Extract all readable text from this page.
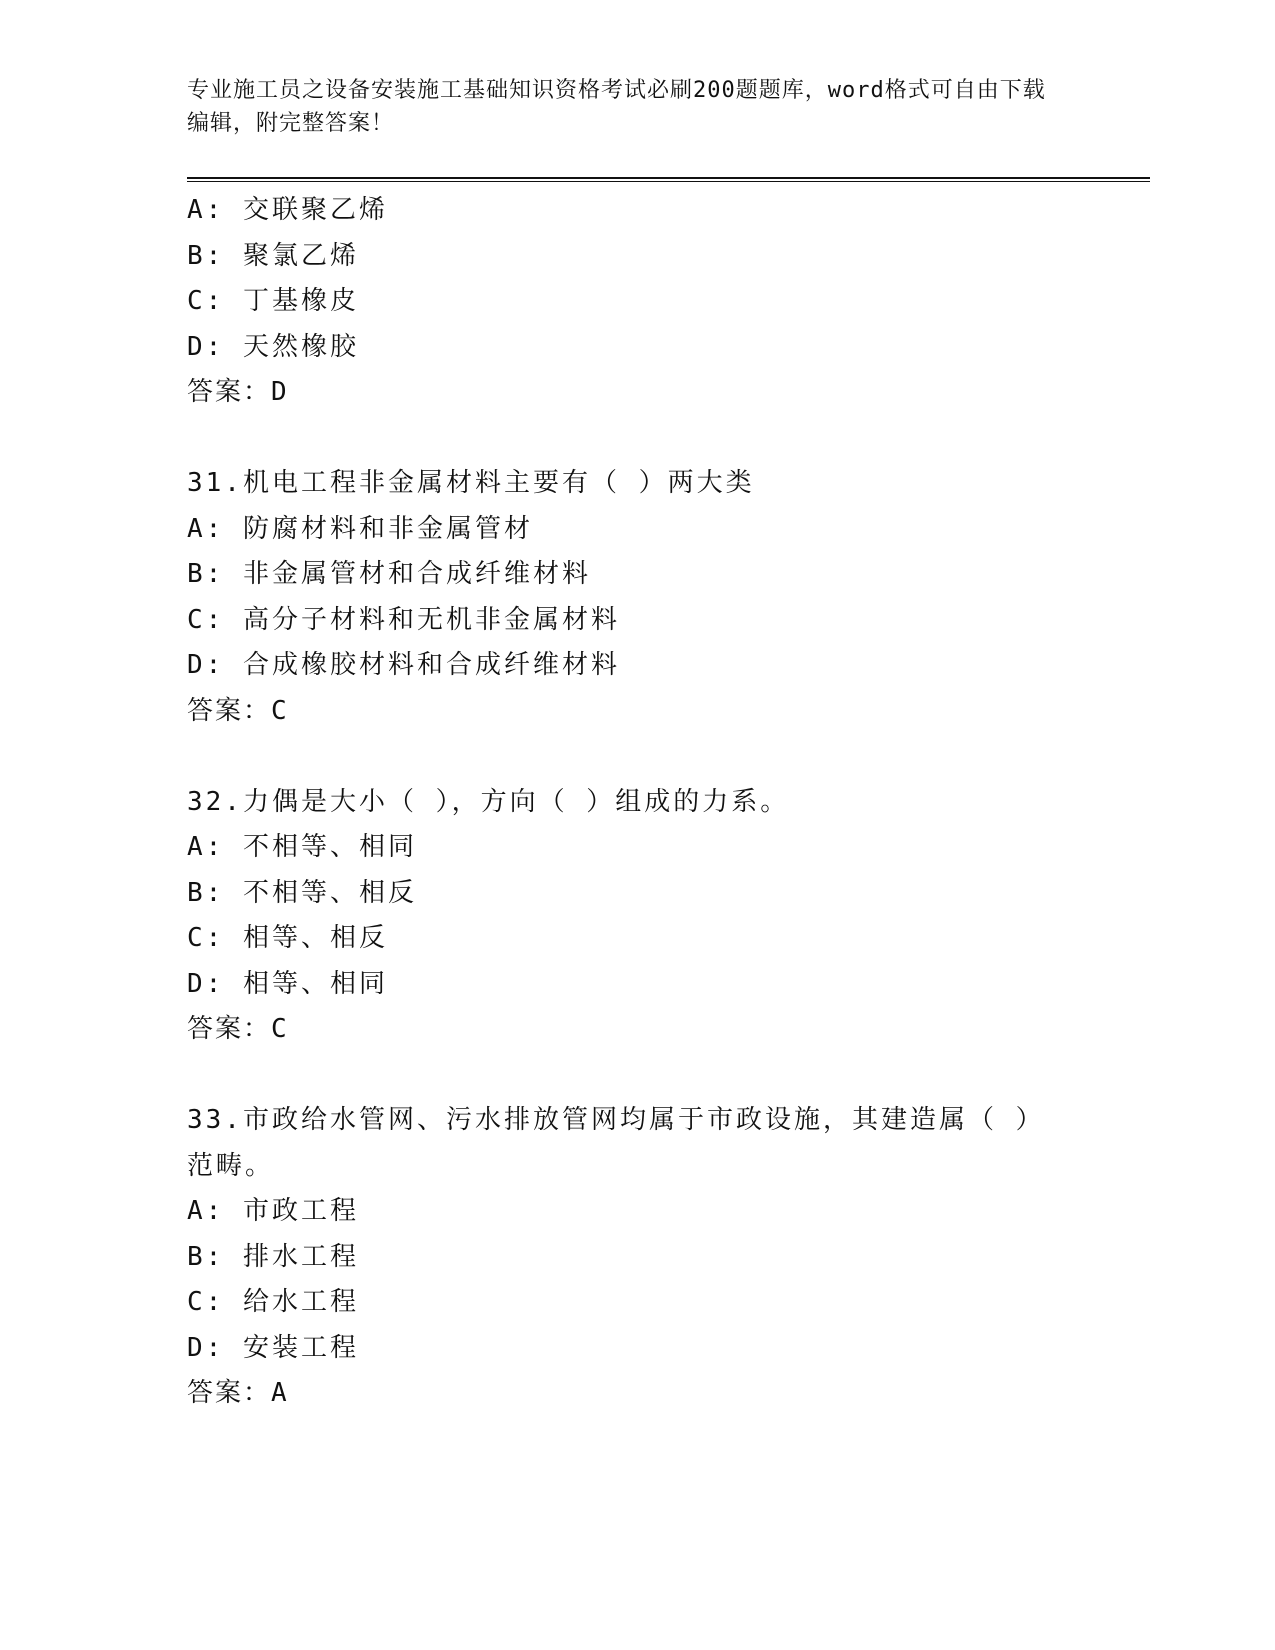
专业施工员之设备安装施工基础知识资格考试必刷200题题库，word格式可自由下载编辑，附完整答案！
A: 交联聚乙烯
B: 聚氯乙烯
C: 丁基橡皮
D: 天然橡胶
答案：D
31.机电工程非金属材料主要有（ ）两大类
A: 防腐材料和非金属管材
B: 非金属管材和合成纤维材料
C: 高分子材料和无机非金属材料
D: 合成橡胶材料和合成纤维材料
答案：C
32.力偶是大小（ ），方向（ ）组成的力系。
A: 不相等、相同
B: 不相等、相反
C: 相等、相反
D: 相等、相同
答案：C
33.市政给水管网、污水排放管网均属于市政设施，其建造属（ ）范畴。
A: 市政工程
B: 排水工程
C: 给水工程
D: 安装工程
答案：A
